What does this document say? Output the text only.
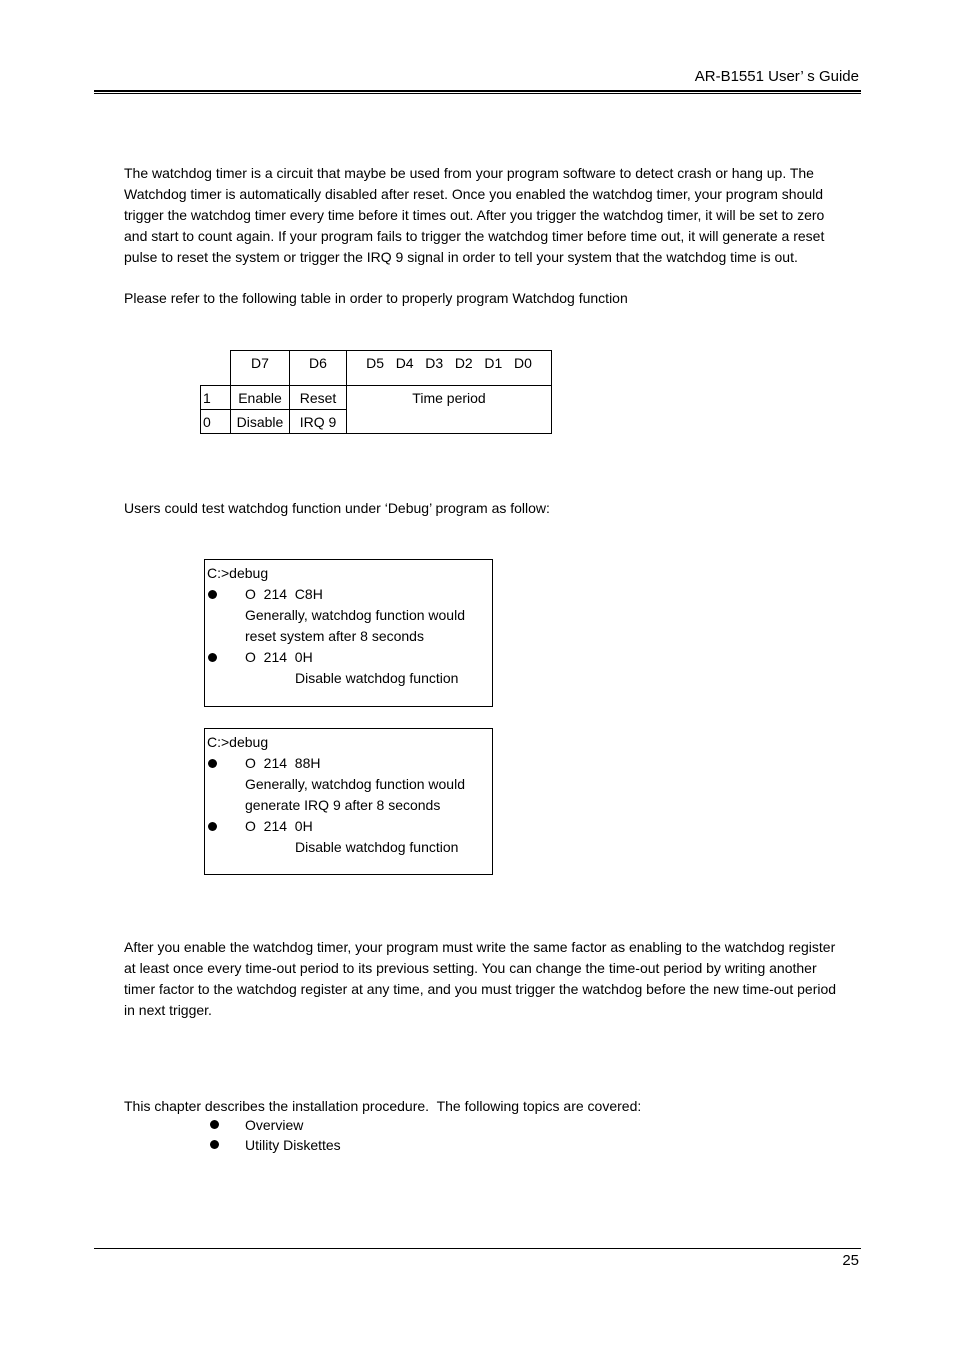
AR-B1551 User’ s Guide

The watchdog timer is a circuit that maybe be used from your program software to detect crash or hang up. The

Watchdog timer is automatically disabled after reset. Once you enabled the watchdog timer, your program should

trigger the watchdog timer every time before it times out. After you trigger the watchdog timer, it will be set to zero

and start to count again. If your program fails to trigger the watchdog timer before time out, it will generate a reset

pulse to reset the system or trigger the IRQ 9 signal in order to tell your system that the watchdog time is out.

Please refer to the following table in order to properly program Watchdog function

	D7	D6	D5   D4   D3   D2   D1   D0
1	Enable	Reset	Time period
0	Disable	IRQ 9	

Users could test watchdog function under ‘Debug’ program as follow:

C:>debug
O  214  C8H
Generally, watchdog function would
reset system after 8 seconds
O  214  0H
Disable watchdog function
C:>debug
O  214  88H
Generally, watchdog function would
generate IRQ 9 after 8 seconds
O  214  0H
Disable watchdog function

After you enable the watchdog timer, your program must write the same factor as enabling to the watchdog register

at least once every time-out period to its previous setting. You can change the time-out period by writing another

timer factor to the watchdog register at any time, and you must trigger the watchdog before the new time-out period

in next trigger.

This chapter describes the installation procedure.  The following topics are covered:

Overview
Utility Diskettes
25
